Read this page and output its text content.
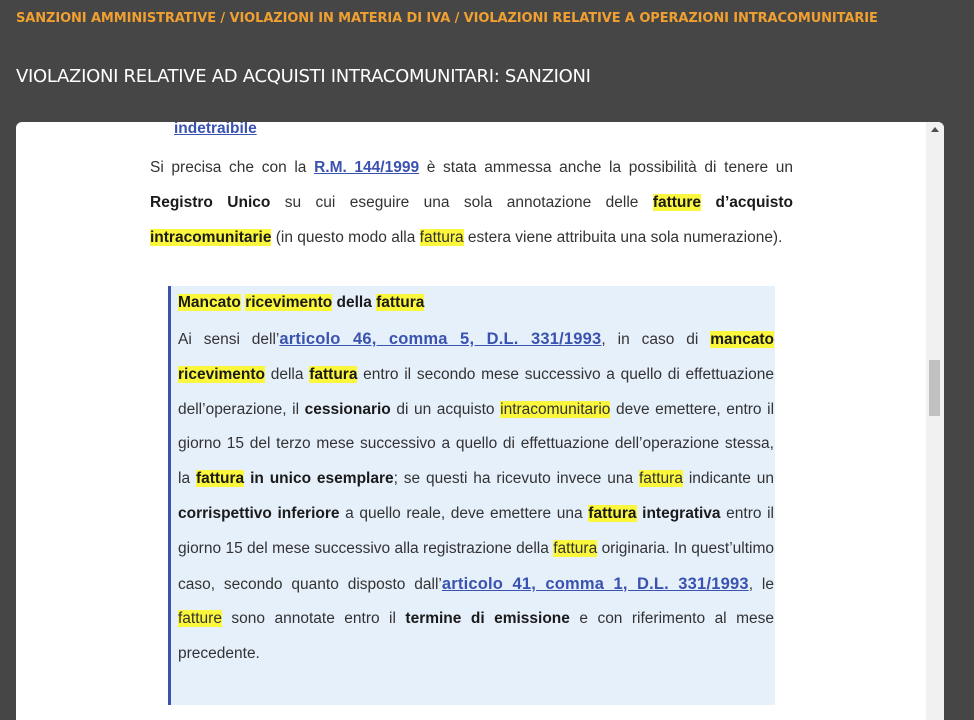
SANZIONI AMMINISTRATIVE / VIOLAZIONI IN MATERIA DI IVA / VIOLAZIONI RELATIVE A OPERAZIONI INTRACOMUNITARIE
VIOLAZIONI RELATIVE AD ACQUISTI INTRACOMUNITARI: SANZIONI
indetraibile

Si precisa che con la R.M. 144/1999 è stata ammessa anche la possibilità di tenere un Registro Unico su cui eseguire una sola annotazione delle fatture d’acquisto intracomunitarie (in questo modo alla fattura estera viene attribuita una sola numerazione).

Mancato ricevimento della fattura

Ai sensi dell’articolo 46, comma 5, D.L. 331/1993, in caso di mancato ricevimento della fattura entro il secondo mese successivo a quello di effettuazione dell’operazione, il cessionario di un acquisto intracomunitario deve emettere, entro il giorno 15 del terzo mese successivo a quello di effettuazione dell’operazione stessa, la fattura in unico esemplare; se questi ha ricevuto invece una fattura indicante un corrispettivo inferiore a quello reale, deve emettere una fattura integrativa entro il giorno 15 del mese successivo alla registrazione della fattura originaria. In quest’ultimo caso, secondo quanto disposto dall’articolo 41, comma 1, D.L. 331/1993, le fatture sono annotate entro il termine di emissione e con riferimento al mese precedente.
